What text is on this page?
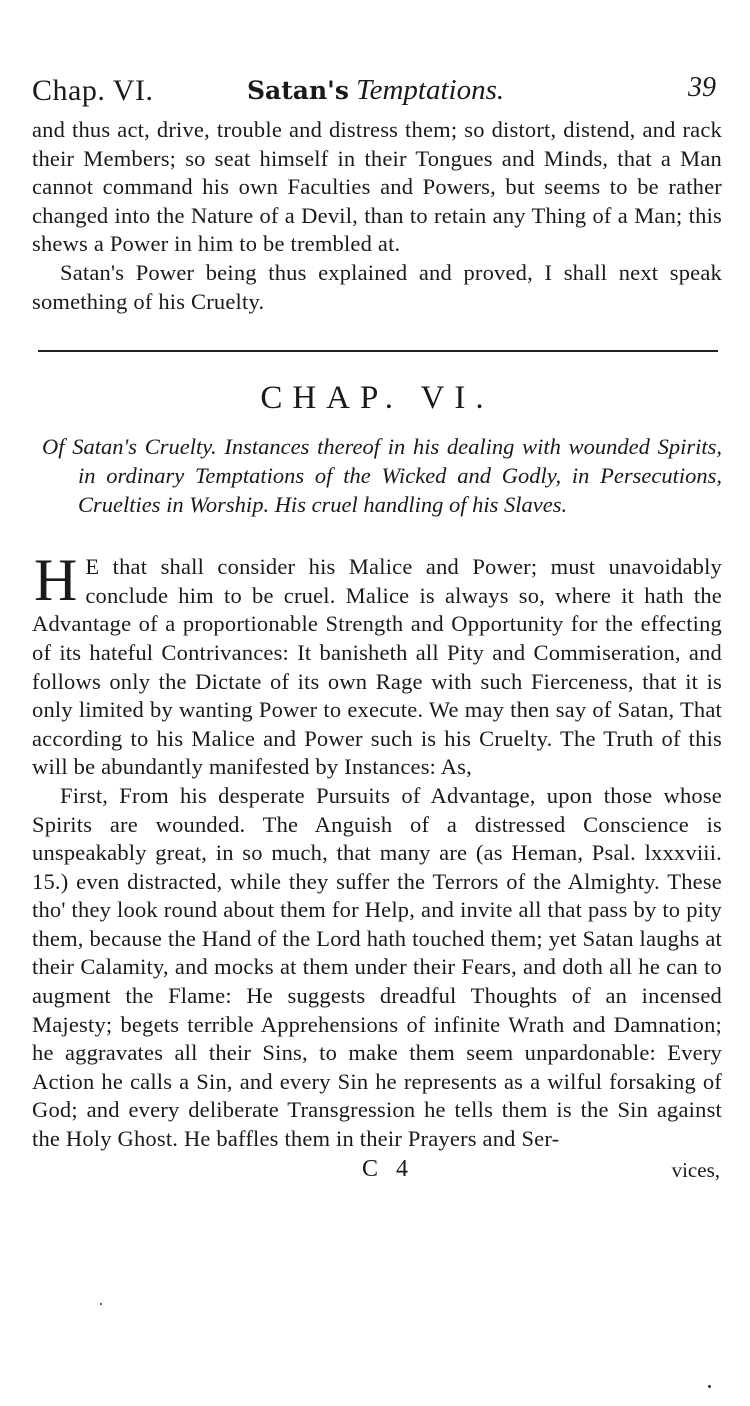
Chap. VI.	Satan's Temptations.	39

and thus act, drive, trouble and distress them; so distort, distend, and rack their Members; so seat himself in their Tongues and Minds, that a Man cannot command his own Faculties and Powers, but seems to be rather changed into the Nature of a Devil, than to retain any Thing of a Man; this shews a Power in him to be trembled at.

Satan's Power being thus explained and proved, I shall next speak something of his Cruelty.

CHAP. VI.

Of Satan's Cruelty. Instances thereof in his dealing with wounded Spirits, in ordinary Temptations of the Wicked and Godly, in Persecutions, Cruelties in Worship. His cruel handling of his Slaves.

H E that shall consider his Malice and Power; must unavoidably conclude him to be cruel. Malice is always so, where it hath the Advantage of a proportionable Strength and Opportunity for the effecting of its hateful Contrivances: It banisheth all Pity and Commiseration, and follows only the Dictate of its own Rage with such Fierceness, that it is only limited by wanting Power to execute. We may then say of Satan, That according to his Malice and Power such is his Cruelty. The Truth of this will be abundantly manifested by Instances: As,

First, From his desperate Pursuits of Advantage, upon those whose Spirits are wounded. The Anguish of a distressed Conscience is unspeakably great, in so much, that many are (as Heman, Psal. lxxxviii. 15.) even distracted, while they suffer the Terrors of the Almighty. These tho' they look round about them for Help, and invite all that pass by to pity them, because the Hand of the Lord hath touched them; yet Satan laughs at their Calamity, and mocks at them under their Fears, and doth all he can to augment the Flame: He suggests dreadful Thoughts of an incensed Majesty; begets terrible Apprehensions of infinite Wrath and Damnation; he aggravates all their Sins, to make them seem unpardonable: Every Action he calls a Sin, and every Sin he represents as a wilful forsaking of God; and every deliberate Transgression he tells them is the Sin against the Holy Ghost. He baffles them in their Prayers and Ser-

C 4	vices,
